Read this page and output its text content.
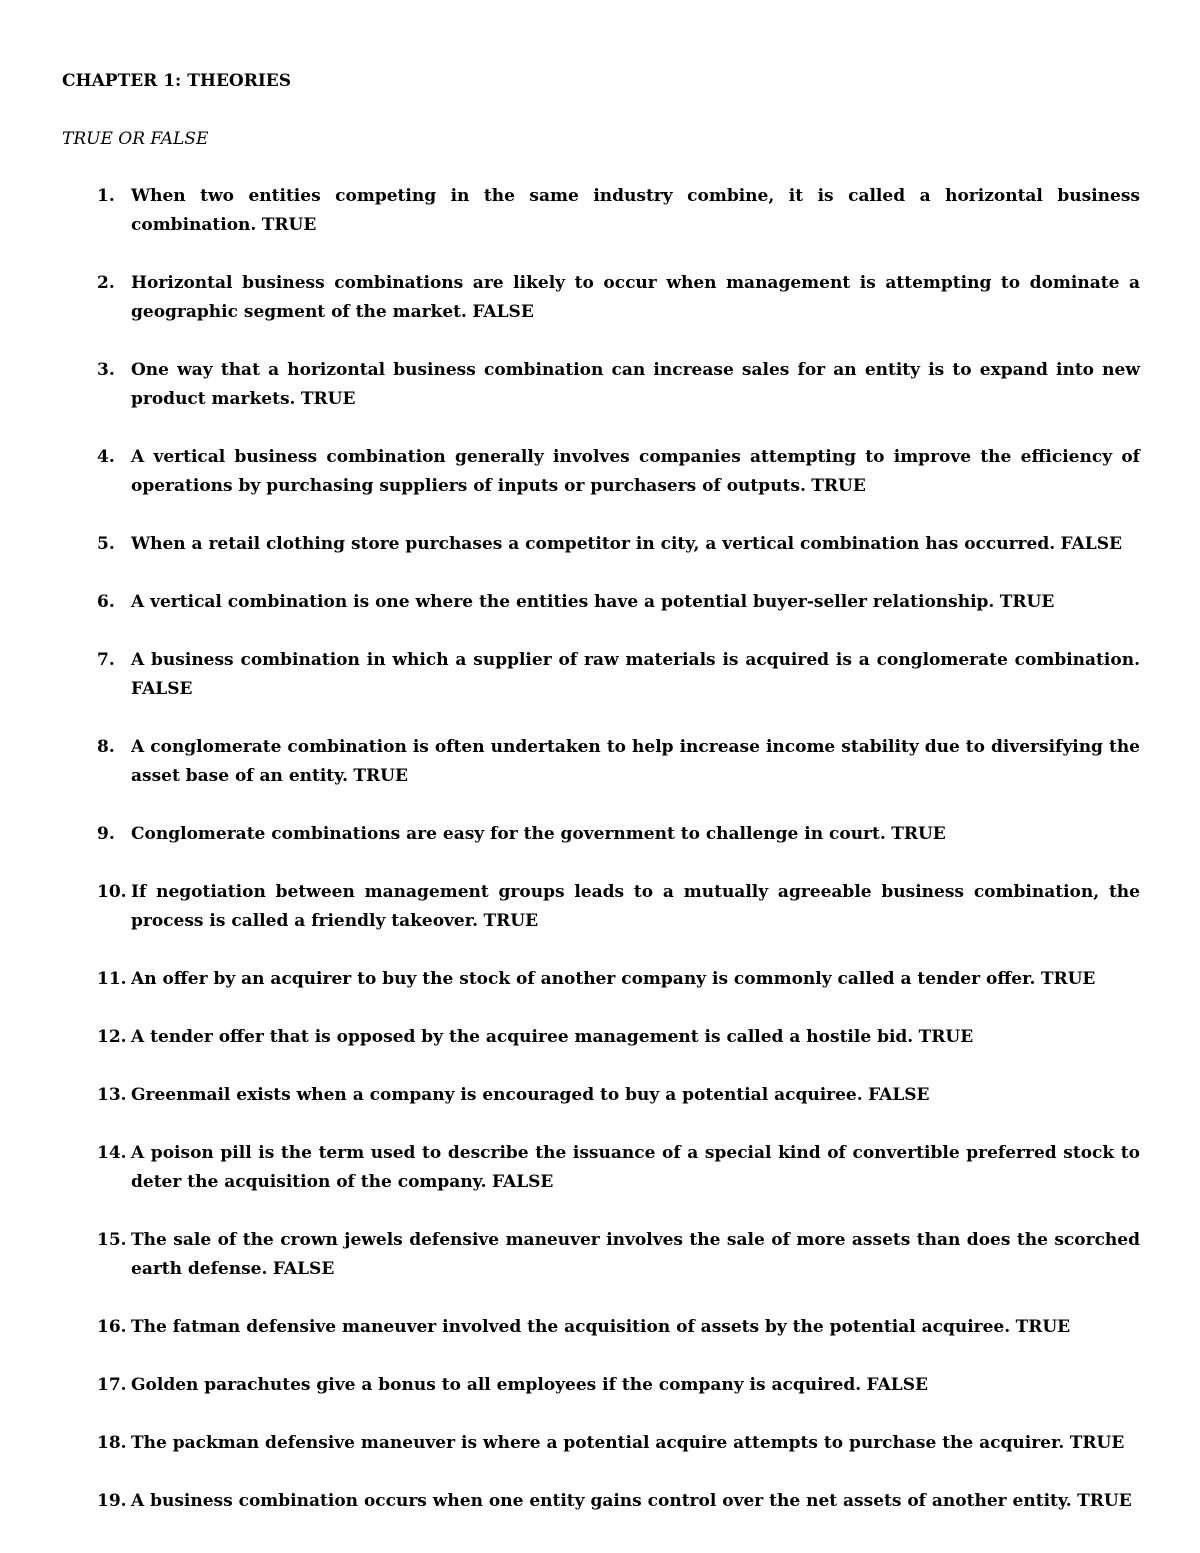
CHAPTER 1: THEORIES
TRUE OR FALSE
1. When two entities competing in the same industry combine, it is called a horizontal business combination. TRUE
2. Horizontal business combinations are likely to occur when management is attempting to dominate a geographic segment of the market. FALSE
3. One way that a horizontal business combination can increase sales for an entity is to expand into new product markets. TRUE
4. A vertical business combination generally involves companies attempting to improve the efficiency of operations by purchasing suppliers of inputs or purchasers of outputs. TRUE
5. When a retail clothing store purchases a competitor in city, a vertical combination has occurred. FALSE
6. A vertical combination is one where the entities have a potential buyer-seller relationship. TRUE
7. A business combination in which a supplier of raw materials is acquired is a conglomerate combination. FALSE
8. A conglomerate combination is often undertaken to help increase income stability due to diversifying the asset base of an entity. TRUE
9. Conglomerate combinations are easy for the government to challenge in court. TRUE
10. If negotiation between management groups leads to a mutually agreeable business combination, the process is called a friendly takeover. TRUE
11. An offer by an acquirer to buy the stock of another company is commonly called a tender offer. TRUE
12. A tender offer that is opposed by the acquiree management is called a hostile bid. TRUE
13. Greenmail exists when a company is encouraged to buy a potential acquiree. FALSE
14. A poison pill is the term used to describe the issuance of a special kind of convertible preferred stock to deter the acquisition of the company. FALSE
15. The sale of the crown jewels defensive maneuver involves the sale of more assets than does the scorched earth defense. FALSE
16. The fatman defensive maneuver involved the acquisition of assets by the potential acquiree. TRUE
17. Golden parachutes give a bonus to all employees if the company is acquired. FALSE
18. The packman defensive maneuver is where a potential acquire attempts to purchase the acquirer. TRUE
19. A business combination occurs when one entity gains control over the net assets of another entity. TRUE
